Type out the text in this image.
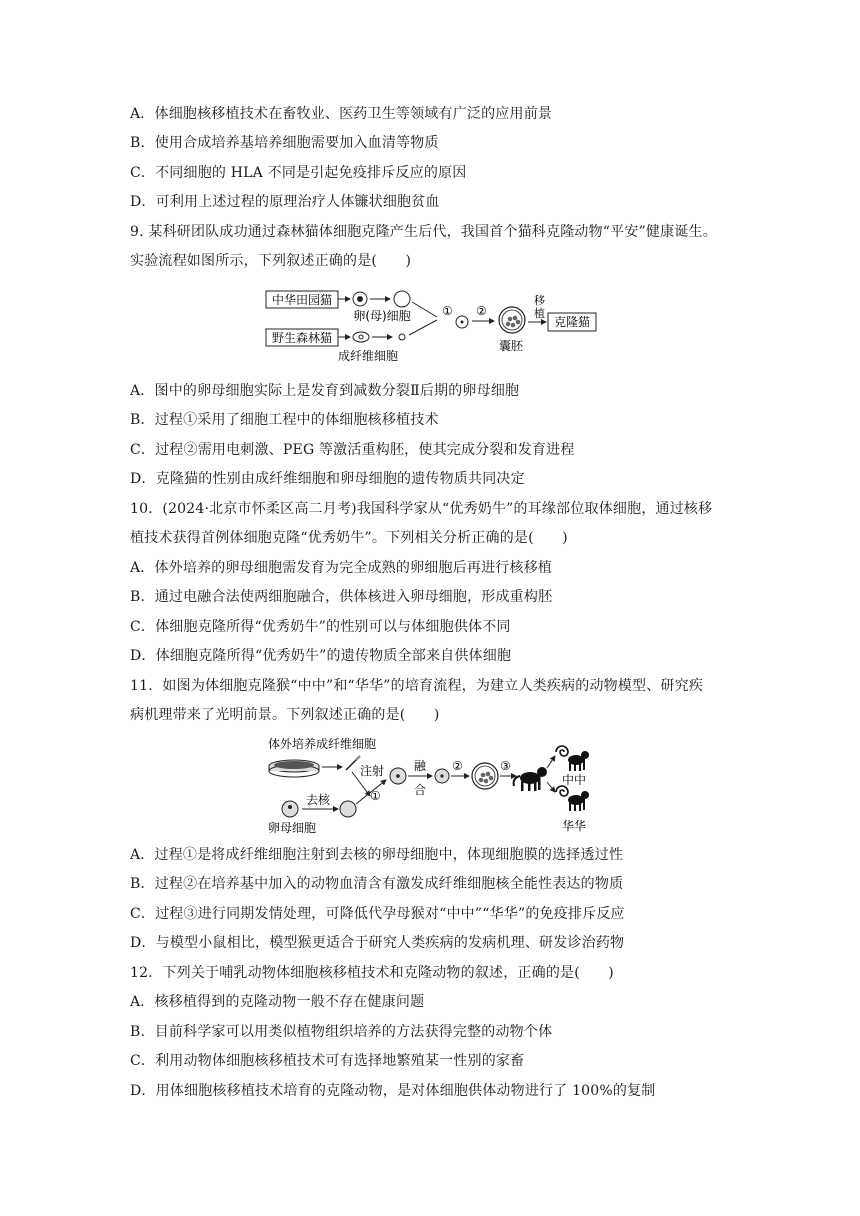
A．体细胞核移植技术在畜牧业、医药卫生等领域有广泛的应用前景
B．使用合成培养基培养细胞需要加入血清等物质
C．不同细胞的 HLA 不同是引起免疫排斥反应的原因
D．可利用上述过程的原理治疗人体镰状细胞贫血
9. 某科研团队成功通过森林猫体细胞克隆产生后代，我国首个猫科克隆动物“平安”健康诞生。
实验流程如图所示，下列叙述正确的是(　　)
中华田园猫
卵(母)细胞
野生森林猫
成纤维细胞
① ②
囊胚
移
植
克隆猫
A．图中的卵母细胞实际上是发育到减数分裂Ⅱ后期的卵母细胞
B．过程①采用了细胞工程中的体细胞核移植技术
C．过程②需用电刺激、PEG 等激活重构胚，使其完成分裂和发育进程
D．克隆猫的性别由成纤维细胞和卵母细胞的遗传物质共同决定
10．(2024·北京市怀柔区高二月考)我国科学家从“优秀奶牛”的耳缘部位取体细胞，通过核移
植技术获得首例体细胞克隆“优秀奶牛”。下列相关分析正确的是(　　)
A．体外培养的卵母细胞需发育为完全成熟的卵细胞后再进行核移植
B．通过电融合法使两细胞融合，供体核进入卵母细胞，形成重构胚
C．体细胞克隆所得“优秀奶牛”的性别可以与体细胞供体不同
D．体细胞克隆所得“优秀奶牛”的遗传物质全部来自供体细胞
11．如图为体细胞克隆猴“中中”和“华华”的培育流程，为建立人类疾病的动物模型、研究疾
病机理带来了光明前景。下列叙述正确的是(　　)
体外培养成纤维细胞
注射
①
卵母细胞
去核
融
合
②	③
中中
华华
A．过程①是将成纤维细胞注射到去核的卵母细胞中，体现细胞膜的选择透过性
B．过程②在培养基中加入的动物血清含有激发成纤维细胞核全能性表达的物质
C．过程③进行同期发情处理，可降低代孕母猴对“中中”“华华”的免疫排斥反应
D．与模型小鼠相比，模型猴更适合于研究人类疾病的发病机理、研发诊治药物
12．下列关于哺乳动物体细胞核移植技术和克隆动物的叙述，正确的是(　　)
A．核移植得到的克隆动物一般不存在健康问题
B．目前科学家可以用类似植物组织培养的方法获得完整的动物个体
C．利用动物体细胞核移植技术可有选择地繁殖某一性别的家畜
D．用体细胞核移植技术培育的克隆动物，是对体细胞供体动物进行了 100%的复制
